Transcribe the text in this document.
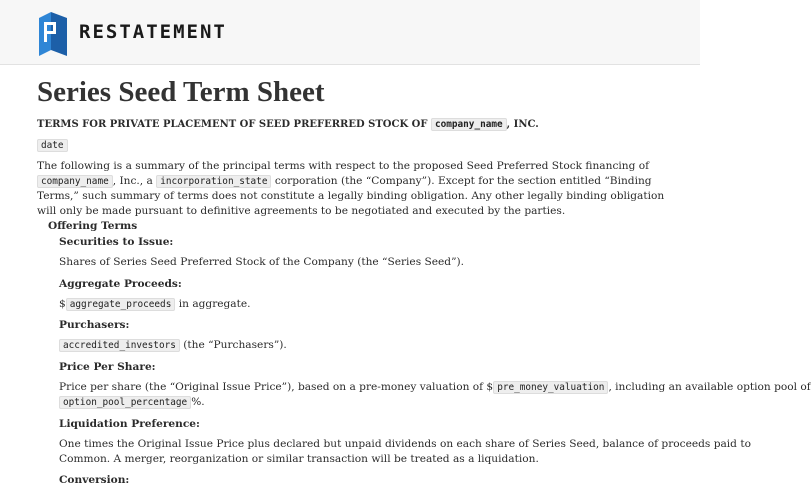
RESTATEMENT
Series Seed Term Sheet
TERMS FOR PRIVATE PLACEMENT OF SEED PREFERRED STOCK OF company_name , INC.
date
The following is a summary of the principal terms with respect to the proposed Seed Preferred Stock financing of company_name , Inc., a incorporation_state corporation (the “Company”). Except for the section entitled “Binding Terms,” such summary of terms does not constitute a legally binding obligation. Any other legally binding obligation will only be made pursuant to definitive agreements to be negotiated and executed by the parties.
Offering Terms
Securities to Issue:
Shares of Series Seed Preferred Stock of the Company (the “Series Seed”).
Aggregate Proceeds:
$ aggregate_proceeds in aggregate.
Purchasers:
accredited_investors (the “Purchasers”).
Price Per Share:
Price per share (the “Original Issue Price”), based on a pre-money valuation of $ pre_money_valuation , including an available option pool of
option_pool_percentage %.
Liquidation Preference:
One times the Original Issue Price plus declared but unpaid dividends on each share of Series Seed, balance of proceeds paid to
Common. A merger, reorganization or similar transaction will be treated as a liquidation.
Conversion:
